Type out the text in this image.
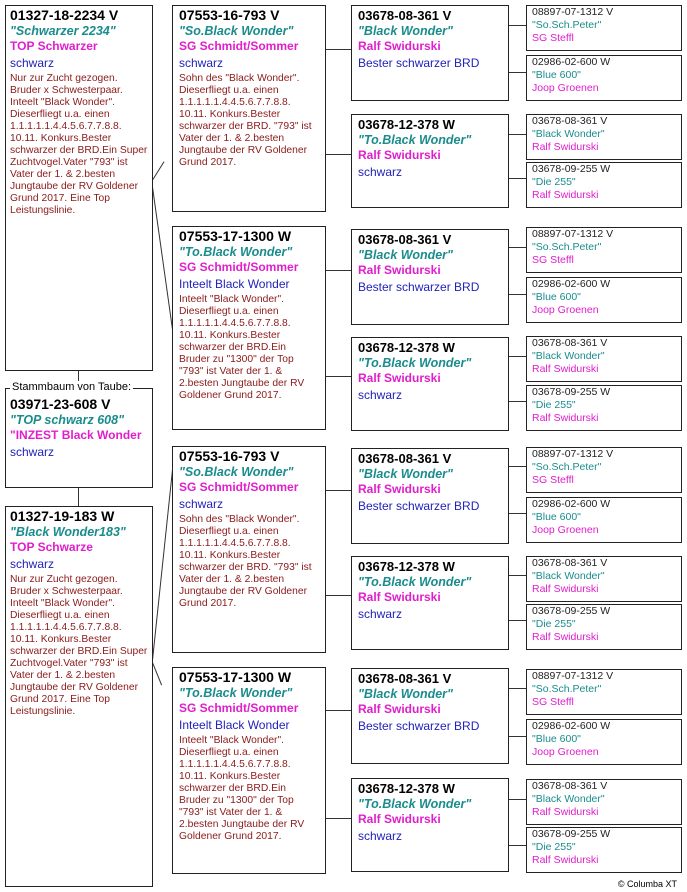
01327-18-2234 V
"Schwarzer 2234"
TOP Schwarzer
schwarz
Nur zur Zucht gezogen. Bruder x Schwesterpaar. Inteelt "Black Wonder". Dieserfliegt u.a. einen 1.1.1.1.1.4.4.5.6.7.7.8.8. 10.11. Konkurs.Bester schwarzer der BRD.Ein Super Zuchtvogel.Vater "793" ist Vater der 1. & 2.besten Jungtaube der RV Goldener Grund 2017. Eine Top Leistungslinie.
03971-23-608 V
"TOP schwarz 608"
"INZEST Black Wonder
schwarz
Stammbaum von Taube:
01327-19-183 W
"Black Wonder183"
TOP Schwarze
schwarz
Nur zur Zucht gezogen. Bruder x Schwesterpaar. Inteelt "Black Wonder". Dieserfliegt u.a. einen 1.1.1.1.1.4.4.5.6.7.7.8.8. 10.11. Konkurs.Bester schwarzer der BRD.Ein Super Zuchtvogel.Vater "793" ist Vater der 1. & 2.besten Jungtaube der RV Goldener Grund 2017. Eine Top Leistungslinie.
07553-16-793 V
"So.Black Wonder"
SG Schmidt/Sommer
schwarz
Sohn des "Black Wonder". Dieserfliegt u.a. einen 1.1.1.1.1.4.4.5.6.7.7.8.8. 10.11. Konkurs.Bester schwarzer der BRD. "793" ist Vater der 1. & 2.besten Jungtaube der RV Goldener Grund 2017.
07553-17-1300 W
"To.Black Wonder"
SG Schmidt/Sommer
Inteelt Black Wonder
Inteelt "Black Wonder". Dieserfliegt u.a. einen 1.1.1.1.1.4.4.5.6.7.7.8.8. 10.11. Konkurs.Bester schwarzer der BRD.Ein Bruder zu "1300" der Top "793" ist Vater der 1. & 2.besten Jungtaube der RV Goldener Grund 2017.
07553-16-793 V
"So.Black Wonder"
SG Schmidt/Sommer
schwarz
Sohn des "Black Wonder". Dieserfliegt u.a. einen 1.1.1.1.1.4.4.5.6.7.7.8.8. 10.11. Konkurs.Bester schwarzer der BRD. "793" ist Vater der 1. & 2.besten Jungtaube der RV Goldener Grund 2017.
07553-17-1300 W
"To.Black Wonder"
SG Schmidt/Sommer
Inteelt Black Wonder
Inteelt "Black Wonder". Dieserfliegt u.a. einen 1.1.1.1.1.4.4.5.6.7.7.8.8. 10.11. Konkurs.Bester schwarzer der BRD.Ein Bruder zu "1300" der Top "793" ist Vater der 1. & 2.besten Jungtaube der RV Goldener Grund 2017.
03678-08-361 V
"Black Wonder"
Ralf Swidurski
Bester schwarzer BRD
03678-12-378 W
"To.Black Wonder"
Ralf Swidurski
schwarz
03678-08-361 V
"Black Wonder"
Ralf Swidurski
Bester schwarzer BRD
03678-12-378 W
"To.Black Wonder"
Ralf Swidurski
schwarz
03678-08-361 V
"Black Wonder"
Ralf Swidurski
Bester schwarzer BRD
03678-12-378 W
"To.Black Wonder"
Ralf Swidurski
schwarz
03678-08-361 V
"Black Wonder"
Ralf Swidurski
Bester schwarzer BRD
03678-12-378 W
"To.Black Wonder"
Ralf Swidurski
schwarz
08897-07-1312 V
"So.Sch.Peter"
SG Steffl
02986-02-600 W
"Blue 600"
Joop Groenen
03678-08-361 V
"Black Wonder"
Ralf Swidurski
03678-09-255 W
"Die 255"
Ralf Swidurski
08897-07-1312 V
"So.Sch.Peter"
SG Steffl
02986-02-600 W
"Blue 600"
Joop Groenen
03678-08-361 V
"Black Wonder"
Ralf Swidurski
03678-09-255 W
"Die 255"
Ralf Swidurski
08897-07-1312 V
"So.Sch.Peter"
SG Steffl
02986-02-600 W
"Blue 600"
Joop Groenen
03678-08-361 V
"Black Wonder"
Ralf Swidurski
03678-09-255 W
"Die 255"
Ralf Swidurski
08897-07-1312 V
"So.Sch.Peter"
SG Steffl
02986-02-600 W
"Blue 600"
Joop Groenen
03678-08-361 V
"Black Wonder"
Ralf Swidurski
03678-09-255 W
"Die 255"
Ralf Swidurski
© Columba XT
